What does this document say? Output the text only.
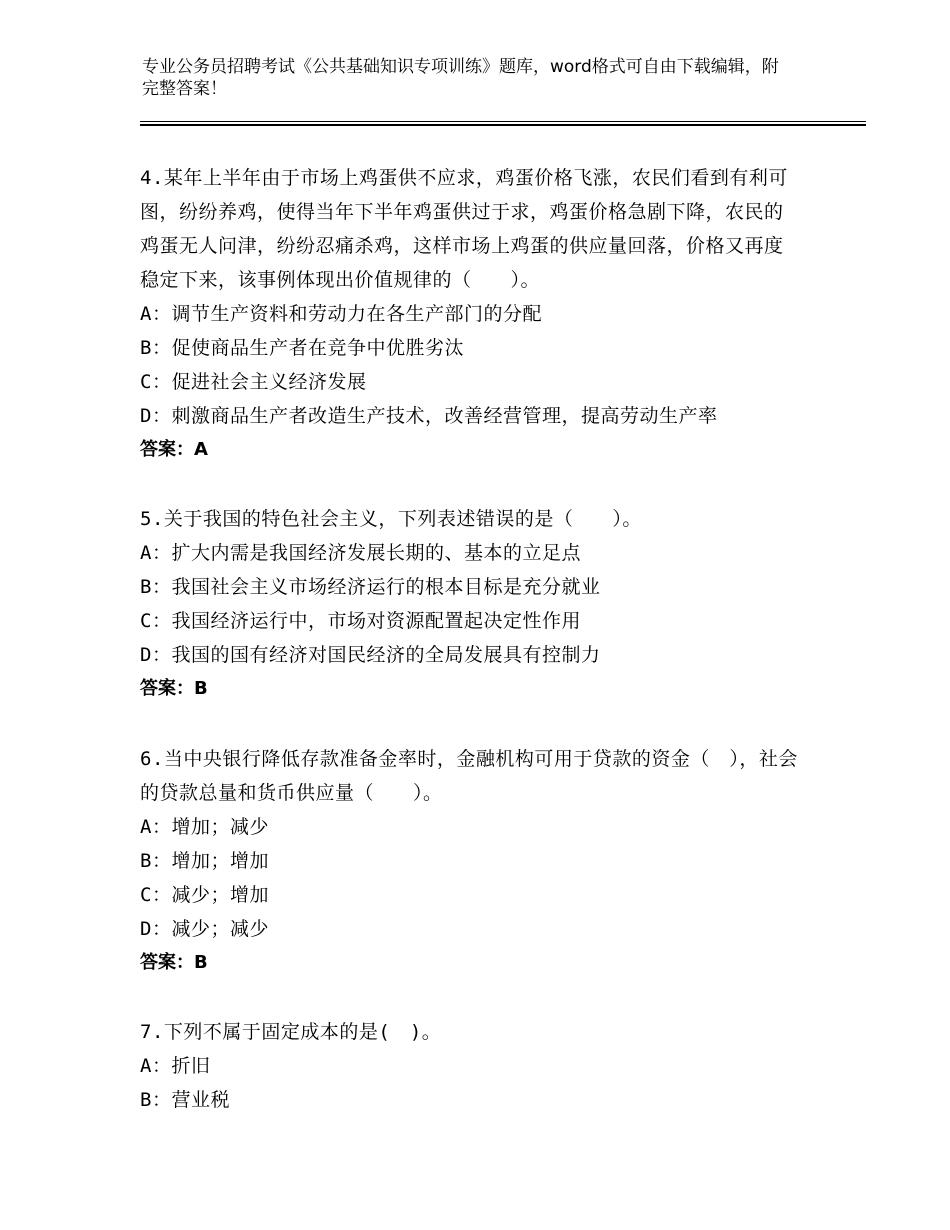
专业公务员招聘考试《公共基础知识专项训练》题库，word格式可自由下载编辑，附完整答案！
4.某年上半年由于市场上鸡蛋供不应求，鸡蛋价格飞涨，农民们看到有利可图，纷纷养鸡，使得当年下半年鸡蛋供过于求，鸡蛋价格急剧下降，农民的鸡蛋无人问津，纷纷忍痛杀鸡，这样市场上鸡蛋的供应量回落，价格又再度稳定下来，该事例体现出价值规律的（　　）。
A：调节生产资料和劳动力在各生产部门的分配
B：促使商品生产者在竞争中优胜劣汰
C：促进社会主义经济发展
D：刺激商品生产者改造生产技术，改善经营管理，提高劳动生产率
答案：A
5.关于我国的特色社会主义，下列表述错误的是（　　）。
A：扩大内需是我国经济发展长期的、基本的立足点
B：我国社会主义市场经济运行的根本目标是充分就业
C：我国经济运行中，市场对资源配置起决定性作用
D：我国的国有经济对国民经济的全局发展具有控制力
答案：B
6.当中央银行降低存款准备金率时，金融机构可用于贷款的资金（　），社会的贷款总量和货币供应量（　　）。
A：增加；减少
B：增加；增加
C：减少；增加
D：减少；减少
答案：B
7.下列不属于固定成本的是(　)。
A：折旧
B：营业税
